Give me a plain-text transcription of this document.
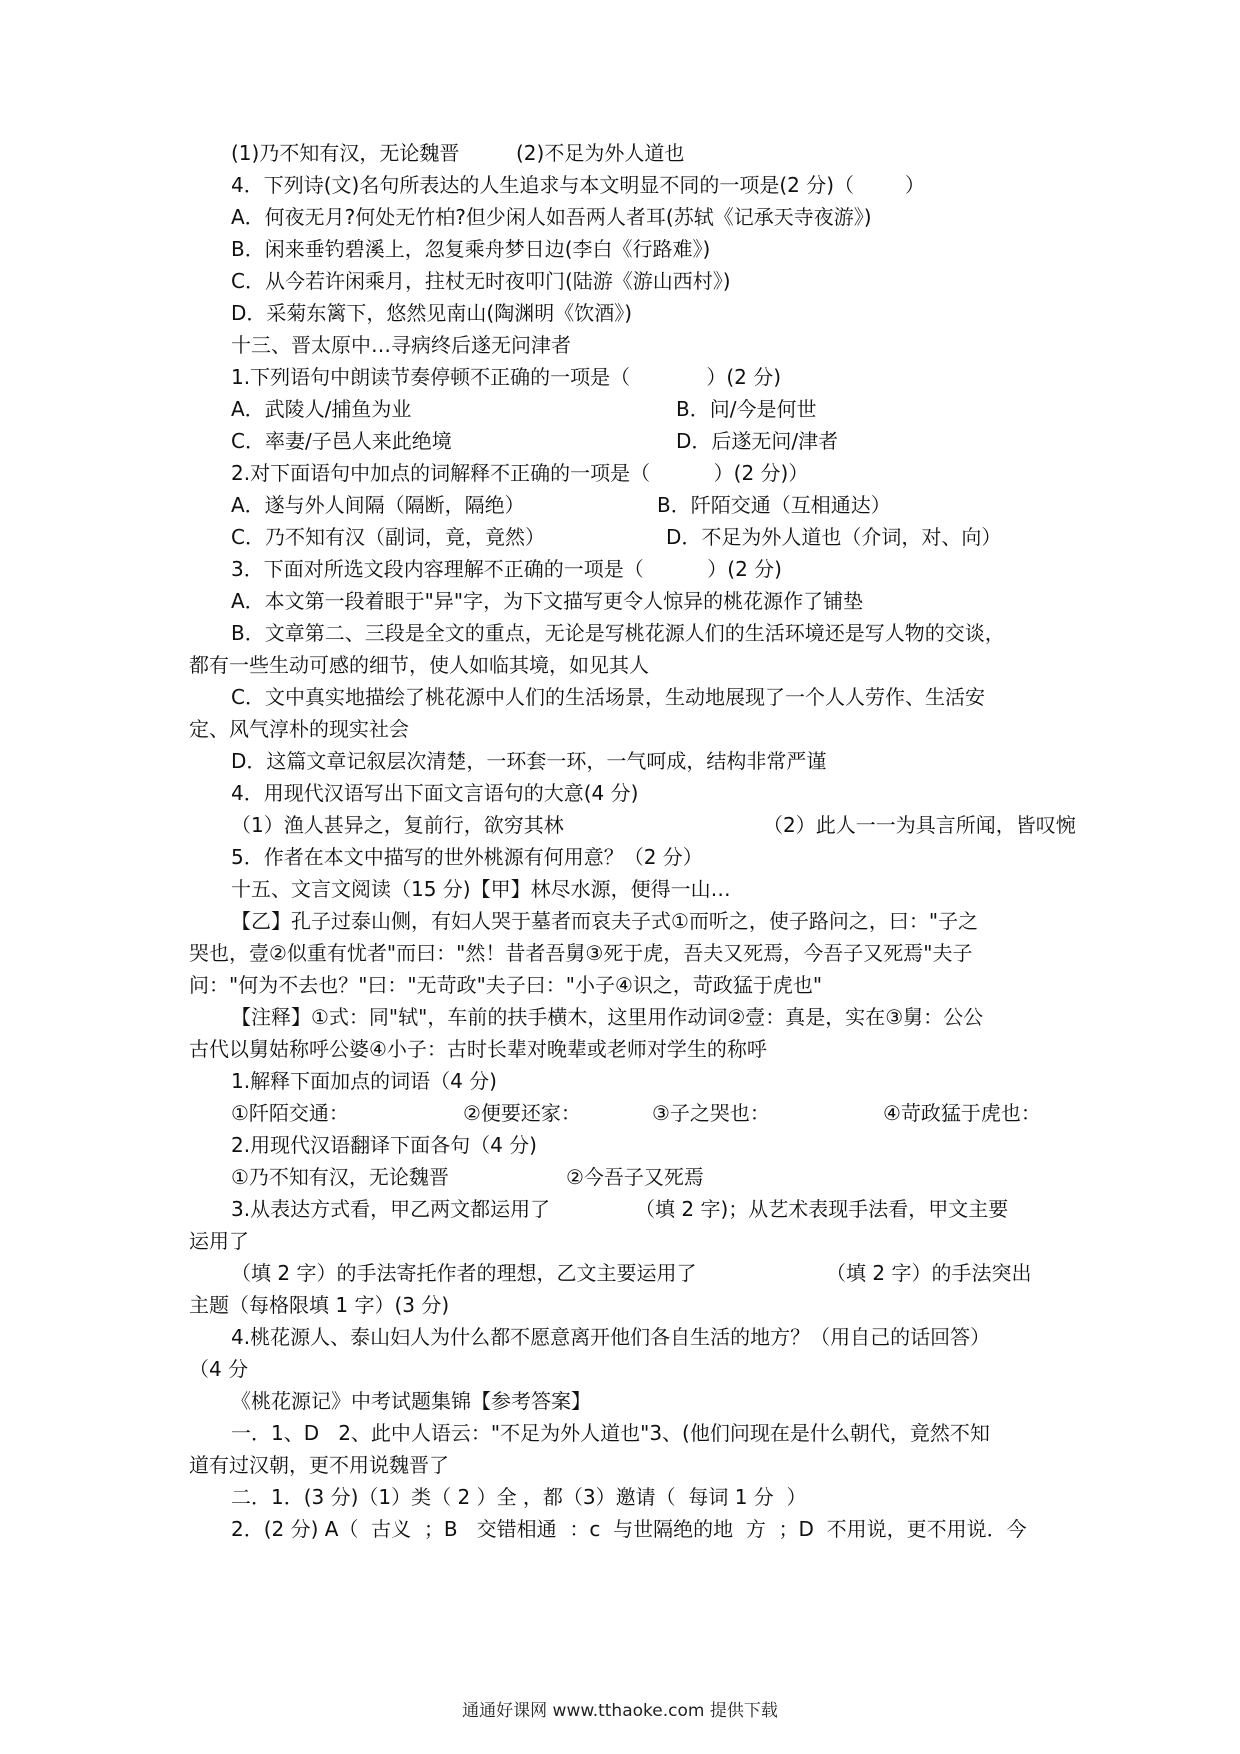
(1)乃不知有汉，无论魏晋	(2)不足为外人道也
4．下列诗(文)名句所表达的人生追求与本文明显不同的一项是(2 分)（        ）
A．何夜无月?何处无竹柏?但少闲人如吾两人者耳(苏轼《记承天寺夜游》)
B．闲来垂钓碧溪上，忽复乘舟梦日边(李白《行路难》)
C．从今若许闲乘月，拄杖无时夜叩门(陆游《游山西村》)
D．采菊东篱下，悠然见南山(陶渊明《饮酒》)
十三、晋太原中…寻病终后遂无问津者
1.下列语句中朗读节奏停顿不正确的一项是（            ）(2 分)
A．武陵人/捕鱼为业	B．问/今是何世
C．率妻/子邑人来此绝境	D．后遂无问/津者
2.对下面语句中加点的词解释不正确的一项是（          ）(2 分)）
A．遂与外人间隔（隔断，隔绝）	B．阡陌交通（互相通达）
C．乃不知有汉（副词，竟，竟然）	D．不足为外人道也（介词，对、向）
3．下面对所选文段内容理解不正确的一项是（          ）(2 分)
A．本文第一段着眼于"异"字，为下文描写更令人惊异的桃花源作了铺垫
B．文章第二、三段是全文的重点，无论是写桃花源人们的生活环境还是写人物的交谈，
都有一些生动可感的细节，使人如临其境，如见其人
C．文中真实地描绘了桃花源中人们的生活场景，生动地展现了一个人人劳作、生活安
定、风气淳朴的现实社会
D．这篇文章记叙层次清楚，一环套一环，一气呵成，结构非常严谨
4．用现代汉语写出下面文言语句的大意(4 分)
（1）渔人甚异之，复前行，欲穷其林	（2）此人一一为具言所闻，皆叹惋
5．作者在本文中描写的世外桃源有何用意？（2 分）
十五、文言文阅读（15 分)【甲】林尽水源，便得一山…
【乙】孔子过泰山侧，有妇人哭于墓者而哀夫子式①而听之，使子路问之，曰："子之
哭也，壹②似重有忧者"而曰："然！昔者吾舅③死于虎，吾夫又死焉，今吾子又死焉"夫子
问："何为不去也？"曰："无苛政"夫子曰："小子④识之，苛政猛于虎也"
【注释】①式：同"轼"，车前的扶手横木，这里用作动词②壹：真是，实在③舅：公公
古代以舅姑称呼公婆④小子：古时长辈对晚辈或老师对学生的称呼
1.解释下面加点的词语（4 分)
①阡陌交通：	②便要还家：	③子之哭也：	④苛政猛于虎也：
2.用现代汉语翻译下面各句（4 分)
①乃不知有汉，无论魏晋	②今吾子又死焉
3.从表达方式看，甲乙两文都运用了	（填 2 字)；从艺术表现手法看，甲文主要
运用了
（填 2 字）的手法寄托作者的理想，乙文主要运用了	（填 2 字）的手法突出
主题（每格限填 1 字）(3 分)
4.桃花源人、泰山妇人为什么都不愿意离开他们各自生活的地方？（用自己的话回答）
（4 分
《桃花源记》中考试题集锦【参考答案】
一．1、D   2、此中人语云："不足为外人道也"3、(他们问现在是什么朝代，竟然不知
道有过汉朝，更不用说魏晋了
二．1．(3 分)（1）类（ 2 ）全 ，都（3）邀请（  每词 1 分  ）
2．(2 分) A（  古义  ；B   交错相通  ：c  与世隔绝的地  方  ；D  不用说，更不用说．今
通通好课网 www.tthaoke.com 提供下载
